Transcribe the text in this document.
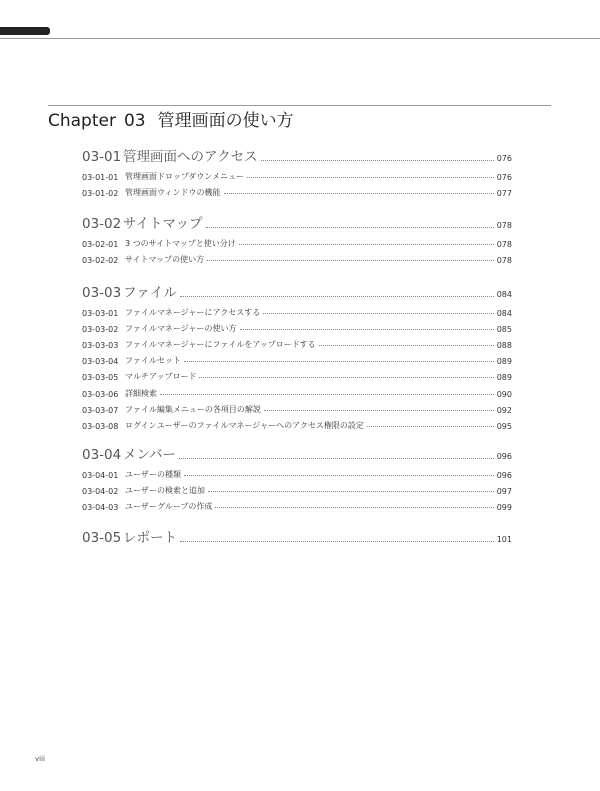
Chapter 03 管理画面の使い方
03-01 管理画面へのアクセス	076
03-01-01 管理画面ドロップダウンメニュー	076
03-01-02 管理画面ウィンドウの機能	077
03-02 サイトマップ	078
03-02-01 3 つのサイトマップと使い分け	078
03-02-02 サイトマップの使い方	078
03-03 ファイル	084
03-03-01 ファイルマネージャーにアクセスする	084
03-03-02 ファイルマネージャーの使い方	085
03-03-03 ファイルマネージャーにファイルをアップロードする	088
03-03-04 ファイルセット	089
03-03-05 マルチアップロード	089
03-03-06 詳細検索	090
03-03-07 ファイル編集メニューの各項目の解説	092
03-03-08 ログインユーザーのファイルマネージャーへのアクセス権限の設定	095
03-04 メンバー	096
03-04-01 ユーザーの種類	096
03-04-02 ユーザーの検索と追加	097
03-04-03 ユーザーグループの作成	099
03-05 レポート	101
viii
